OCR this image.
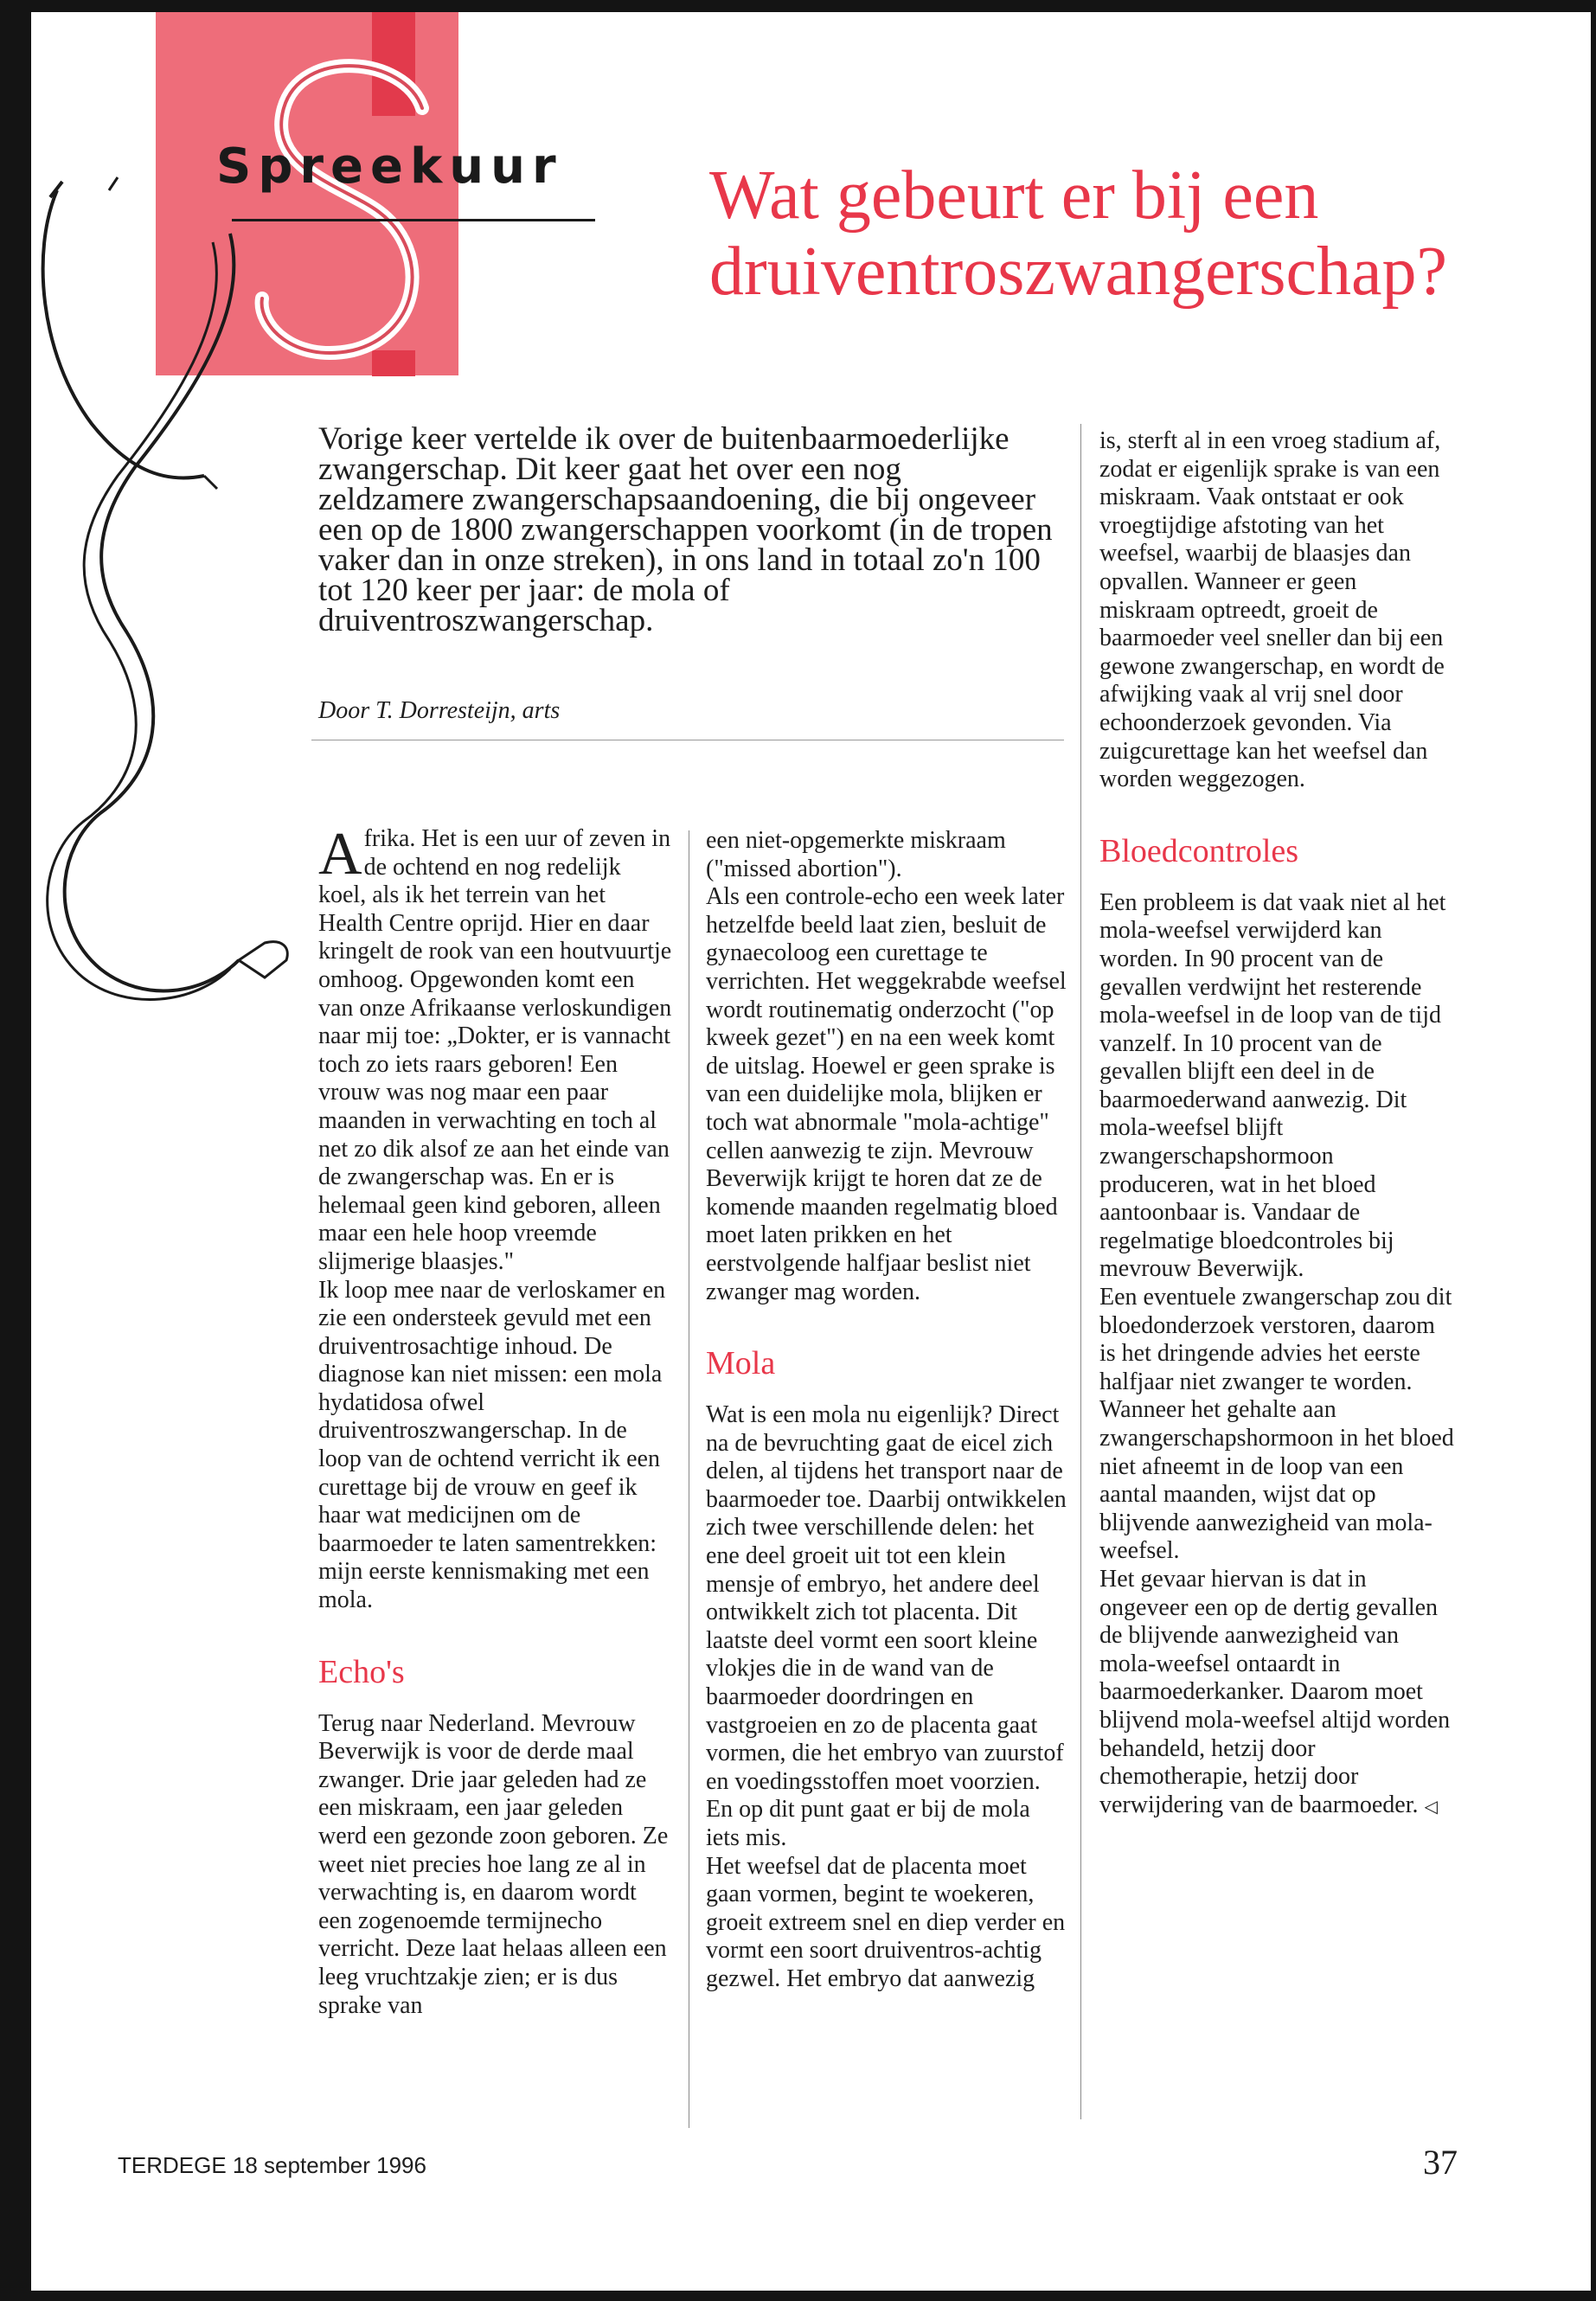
Spreekuur Wat gebeurt er bij een druiventroszwangerschap?
Vorige keer vertelde ik over de buitenbaarmoederlijke zwangerschap. Dit keer gaat het over een nog zeldzamere zwangerschapsaandoening, die bij ongeveer een op de 1800 zwangerschappen voorkomt (in de tropen vaker dan in onze streken), in ons land in totaal zo'n 100 tot 120 keer per jaar: de mola of druiventroszwangerschap.
Door T. Dorresteijn, arts

Afrika. Het is een uur of zeven in de ochtend en nog redelijk koel, als ik het terrein van het Health Centre oprijd. Hier en daar kringelt de rook van een houtvuurtje omhoog. Opgewonden komt een van onze Afrikaanse verloskundigen naar mij toe: „Dokter, er is vannacht toch zo iets raars geboren! Een vrouw was nog maar een paar maanden in verwachting en toch al net zo dik alsof ze aan het einde van de zwangerschap was. En er is helemaal geen kind geboren, alleen maar een hele hoop vreemde slijmerige blaasjes."

Ik loop mee naar de verloskamer en zie een ondersteek gevuld met een druiventrosachtige inhoud. De diagnose kan niet missen: een mola hydatidosa ofwel druiventroszwangerschap. In de loop van de ochtend verricht ik een curettage bij de vrouw en geef ik haar wat medicijnen om de baarmoeder te laten samentrekken: mijn eerste kennismaking met een mola.

Echo's

Terug naar Nederland. Mevrouw Beverwijk is voor de derde maal zwanger. Drie jaar geleden had ze een miskraam, een jaar geleden werd een gezonde zoon geboren. Ze weet niet precies hoe lang ze al in verwachting is, en daarom wordt een zogenoemde termijnecho verricht. Deze laat helaas alleen een leeg vruchtzakje zien; er is dus sprake van

een niet-opgemerkte miskraam ("missed abortion").

Als een controle-echo een week later hetzelfde beeld laat zien, besluit de gynaecoloog een curettage te verrichten. Het weggekrabde weefsel wordt routinematig onderzocht ("op kweek gezet") en na een week komt de uitslag. Hoewel er geen sprake is van een duidelijke mola, blijken er toch wat abnormale "mola-achtige" cellen aanwezig te zijn. Mevrouw Beverwijk krijgt te horen dat ze de komende maanden regelmatig bloed moet laten prikken en het eerstvolgende halfjaar beslist niet zwanger mag worden.

Mola

Wat is een mola nu eigenlijk? Direct na de bevruchting gaat de eicel zich delen, al tijdens het transport naar de baarmoeder toe. Daarbij ontwikkelen zich twee verschillende delen: het ene deel groeit uit tot een klein mensje of embryo, het andere deel ontwikkelt zich tot placenta. Dit laatste deel vormt een soort kleine vlokjes die in de wand van de baarmoeder doordringen en vastgroeien en zo de placenta gaat vormen, die het embryo van zuurstof en voedingsstoffen moet voorzien. En op dit punt gaat er bij de mola iets mis.

Het weefsel dat de placenta moet gaan vormen, begint te woekeren, groeit extreem snel en diep verder en vormt een soort druiventros-achtig gezwel. Het embryo dat aanwezig

is, sterft al in een vroeg stadium af, zodat er eigenlijk sprake is van een miskraam. Vaak ontstaat er ook vroegtijdige afstoting van het weefsel, waarbij de blaasjes dan opvallen. Wanneer er geen miskraam optreedt, groeit de baarmoeder veel sneller dan bij een gewone zwangerschap, en wordt de afwijking vaak al vrij snel door echoonderzoek gevonden. Via zuigcurettage kan het weefsel dan worden weggezogen.

Bloedcontroles

Een probleem is dat vaak niet al het mola-weefsel verwijderd kan worden. In 90 procent van de gevallen verdwijnt het resterende mola-weefsel in de loop van de tijd vanzelf. In 10 procent van de gevallen blijft een deel in de baarmoederwand aanwezig. Dit mola-weefsel blijft zwangerschapshormoon produceren, wat in het bloed aantoonbaar is. Vandaar de regelmatige bloedcontroles bij mevrouw Beverwijk.

Een eventuele zwangerschap zou dit bloedonderzoek verstoren, daarom is het dringende advies het eerste halfjaar niet zwanger te worden. Wanneer het gehalte aan zwangerschapshormoon in het bloed niet afneemt in de loop van een aantal maanden, wijst dat op blijvende aanwezigheid van mola-weefsel.

Het gevaar hiervan is dat in ongeveer een op de dertig gevallen de blijvende aanwezigheid van mola-weefsel ontaardt in baarmoederkanker. Daarom moet blijvend mola-weefsel altijd worden behandeld, hetzij door chemotherapie, hetzij door verwijdering van de baarmoeder. ◁

TERDEGE 18 september 1996	37
